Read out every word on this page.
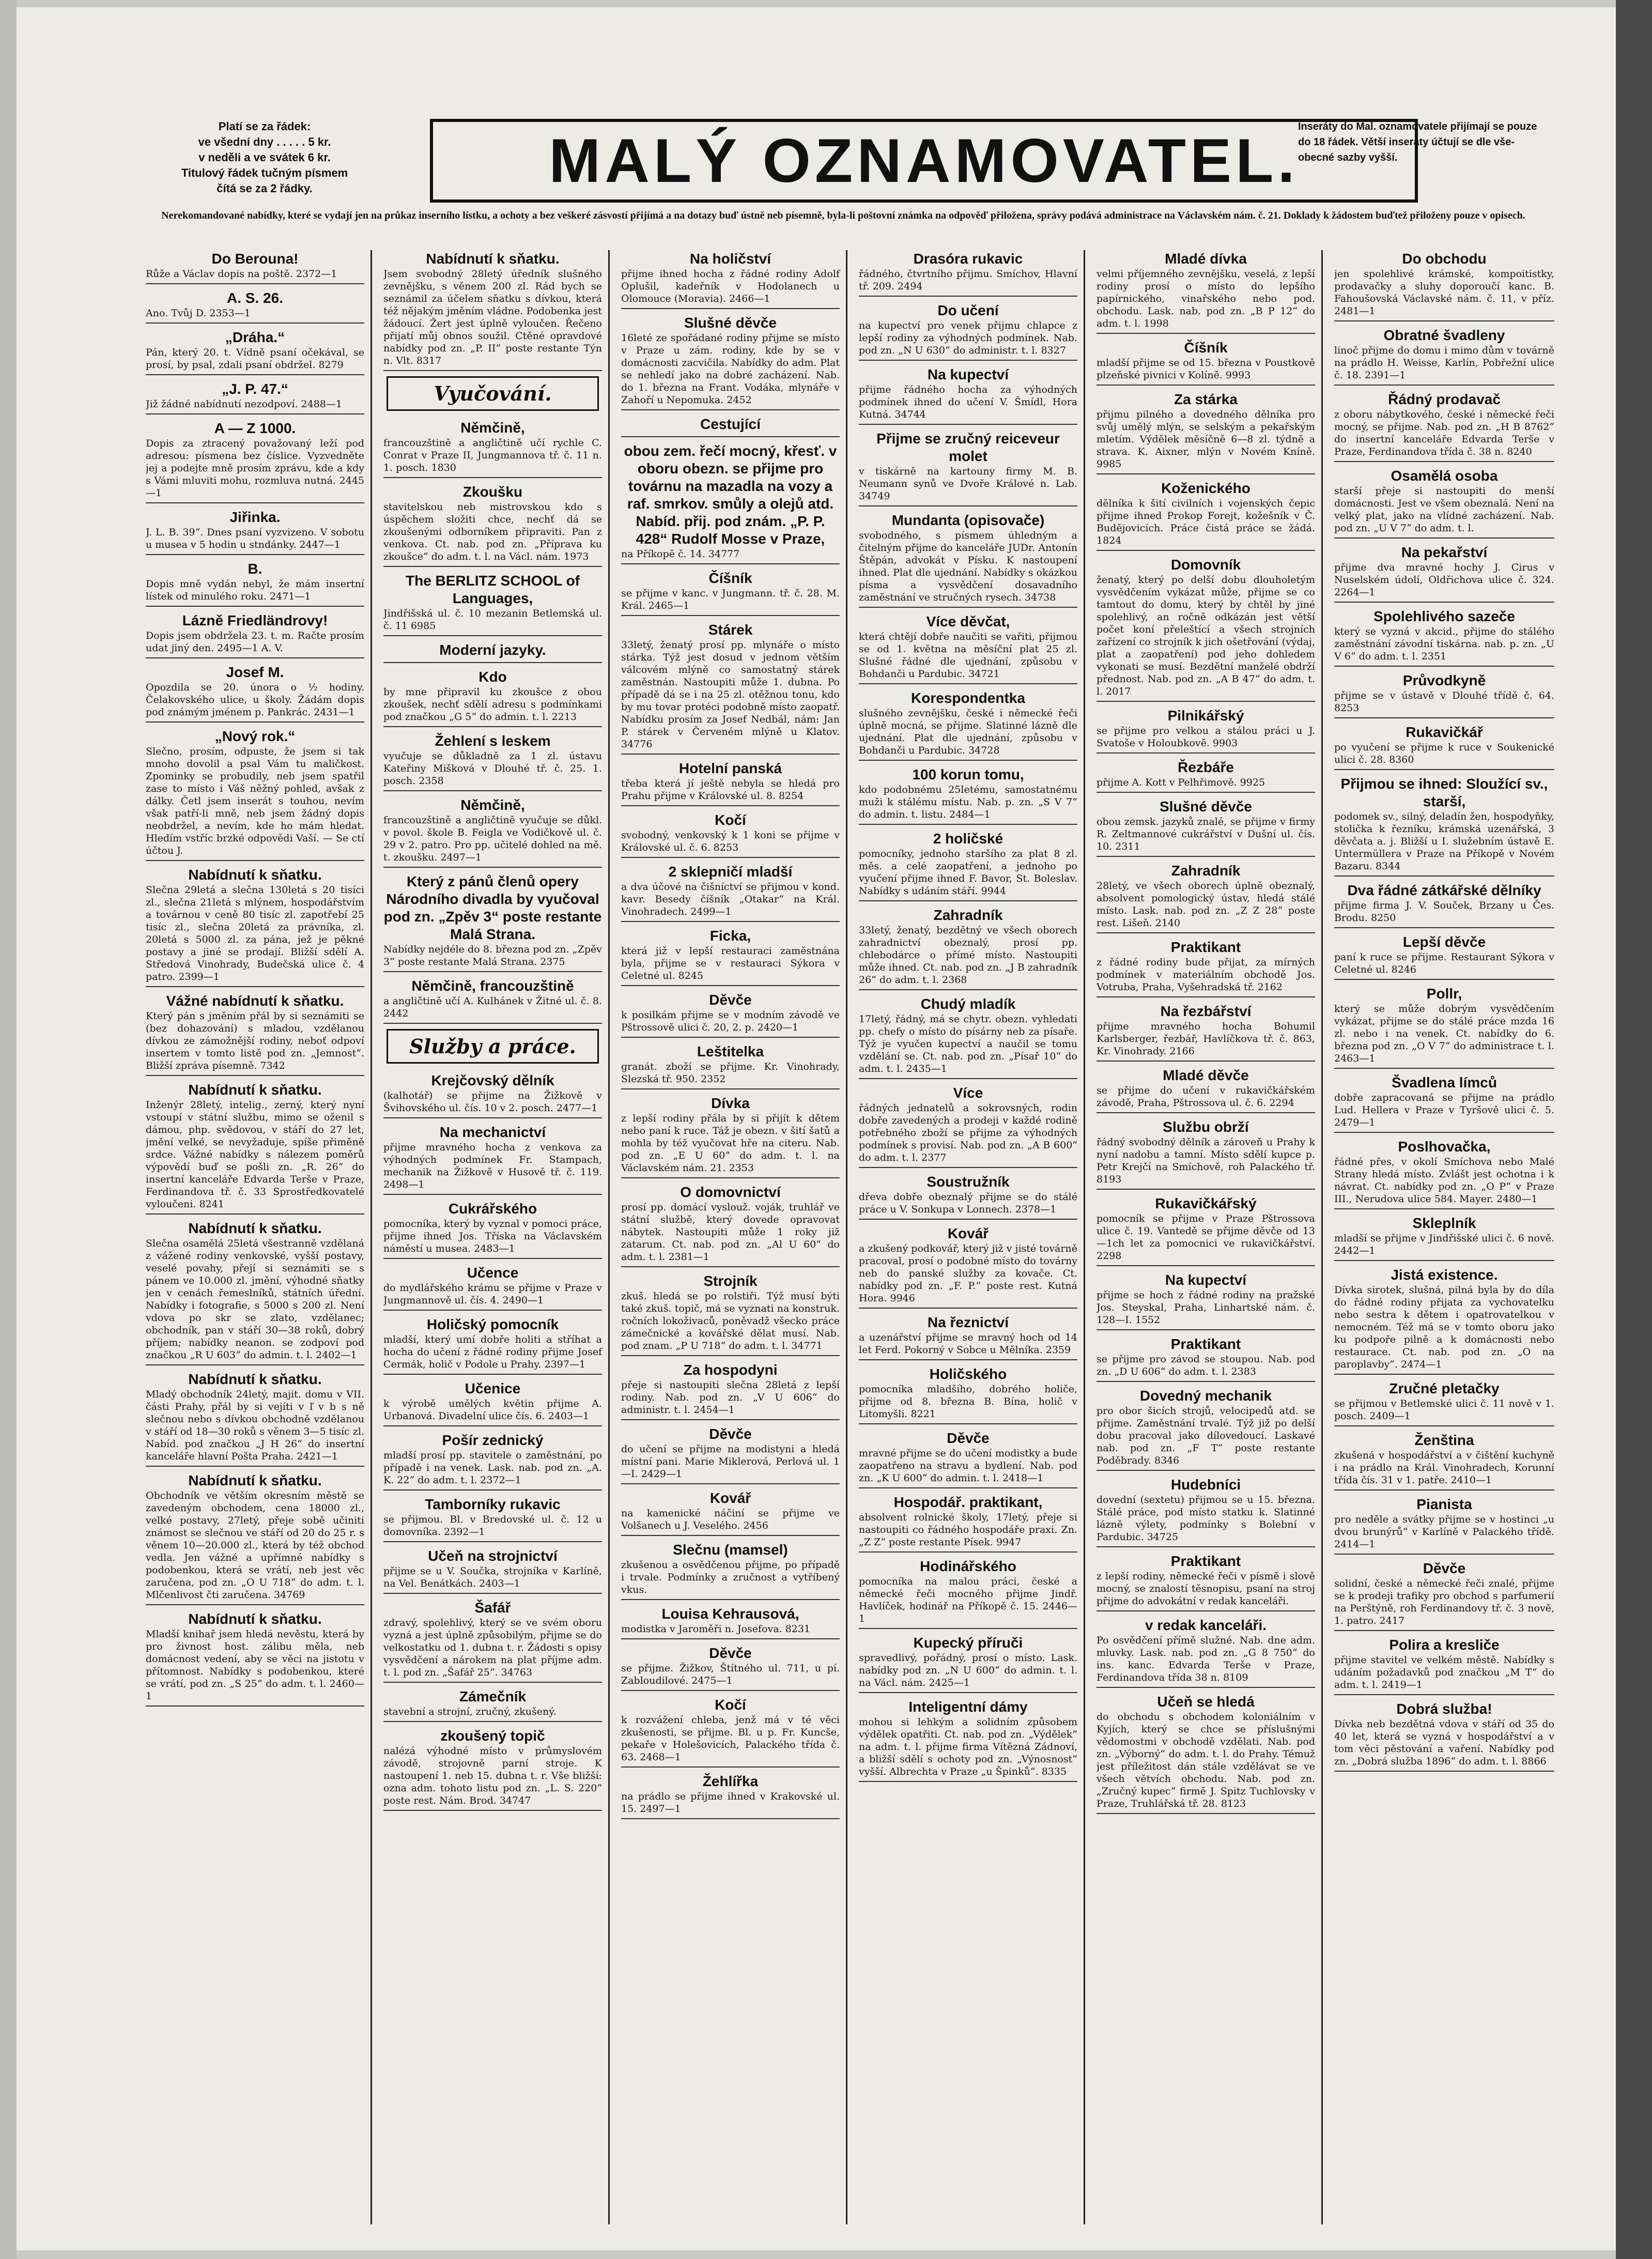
Platí se za řádek:
ve všední dny . . . . . 5 kr.
v neděli a ve svátek 6 kr.
Titulový řádek tučným písmem
čítá se za 2 řádky.	MALÝ OZNAMOVATEL.
Inseráty do Mal. oznamovatele přijímají se pouze do 18 řádek. Větší inseráty účtují se dle vše-obecné sazby vyšší.
Nerekomandované nabídky, které se vydají jen na průkaz inserního lístku, a ochoty a bez veškeré zásvostí přijímá a na dotazy buď ústně neb písemně, byla-li poštovní známka na odpověď přiložena, správy podává administrace na Václavském nám. č. 21. Doklady k žádostem buďtež přiloženy pouze v opisech.
Do Berouna!
Růže a Václav dopis na poště. 2372—1
A. S. 26.
Ano. Tvůj D. 2353—1
„Dráha.“
Pán, který 20. t. Vídně psaní očekával, se prosí, by psal, zdali psaní obdržel. 8279
„J. P. 47.“
Již žádné nabídnutí nezodpoví. 2488—1
A — Z 1000.
Dopis za ztracený považovaný leží pod adresou: písmena bez číslice. Vyzvedněte jej a podejte mně prosím zprávu, kde a kdy s Vámi mluviti mohu, rozmluva nutná. 2445—1
Jiřinka.
J. L. B. 39“. Dnes psaní vyzvizeno. V sobotu u musea v 5 hodin u stndánky. 2447—1
B.
Dopis mně vydán nebyl, že mám insertní lístek od minulého roku. 2471—1
Lázně Friedländrovy!
Dopis jsem obdržela 23. t. m. Račte prosím udat jiný den. 2495—1 A. V.
Josef M.
Opozdila se 20. února o ½ hodiny. Čelakovského ulice, u školy. Žádám dopis pod známým jménem p. Pankrác. 2431—1
„Nový rok.“
Slečno, prosím, odpuste, že jsem si tak mnoho dovolil a psal Vám tu maličkost. Zpominky se probudily, neb jsem spatřil zase to místo i Váš něžný pohled, avšak z dálky. Četl jsem inserát s touhou, nevím však patří-li mně, neb jsem žádný dopis neobdržel, a nevím, kde ho mám hledat. Hledím vstříc brzké odpovědi Vaší. — Se ctí účtou J.
Nabídnutí k sňatku.
Slečna 29letá a slečna 130letá s 20 tisíci zl., slečna 21letá s mlýnem, hospodářstvím a továrnou v ceně 80 tisíc zl. zapotřebí 25 tisíc zl., slečna 20letá za právníka, zl. 20letá s 5000 zl. za pána, jež je pěkné postavy a jiné se prodají. Bližší sdělí A. Středová Vinohrady, Budečská ulice č. 4 patro. 2399—1
Vážné nabídnutí k sňatku.
Který pán s jměním přál by si seznámiti se (bez dohazování) s mladou, vzdělanou dívkou ze zámožnější rodiny, neboť odpoví insertem v tomto listě pod zn. „Jemnost“. Bližší zpráva písemně. 7342
Nabídnutí k sňatku.
Inženýr 28letý, intelig., zerný, který nyní vstoupí v státní službu, mimo se oženil s dámou, php. svědovou, v stáří do 27 let, jmění velké, se nevyžaduje, spíše přiměně srdce. Vážné nabídky s nálezem poměrů výpovědí buď se pošli zn. „R. 26“ do insertní kanceláře Edvarda Terše v Praze, Ferdinandova tř. č. 33 Sprostředkovatelé vyloučeni. 8241
Nabídnutí k sňatku.
Slečna osamělá 25letá všestranně vzdělaná z vážené rodiny venkovské, vyšší postavy, veselé povahy, přejí si seznámiti se s pánem ve 10.000 zl. jmění, výhodné sňatky jen v cenách řemeslníků, státních úřední. Nabídky i fotografie, s 5000 s 200 zl. Není vdova po skr se zlato, vzdělanec; obchodník, pan v stáří 30—38 roků, dobrý příjem; nabídky neanon. se zodpoví pod značkou „R U 603“ do admin. t. l. 2402—1
Nabídnutí k sňatku.
Mladý obchodník 24letý, majit. domu v VII. části Prahy, přál by si vejíti v ľ v b s ně slečnou nebo s dívkou obchodně vzdělanou v stáří od 18—30 roků s věnem 3—5 tisíc zl. Nabíd. pod značkou „J H 26“ do insertní kanceláře hlavní Pošta Praha. 2421—1
Nabídnutí k sňatku.
Obchodník ve větším okresním městě se zavedeným obchodem, cena 18000 zl., velké postavy, 27letý, přeje sobě učiniti známost se slečnou ve stáří od 20 do 25 r. s věnem 10—20.000 zl., která by též obchod vedla. Jen vážné a upřímné nabídky s podobenkou, která se vrátí, neb jest věc zaručena, pod zn. „O U 718“ do adm. t. l. Mlčenlivost čti zaručena. 34769
Nabídnutí k sňatku.
Mladší knihař jsem hledá nevěstu, která by pro živnost host. zálibu měla, neb domácnost vedení, aby se věci na jistotu v přítomnost. Nabídky s podobenkou, které se vrátí, pod zn. „S 25“ do adm. t. l. 2460—1
Nabídnutí k sňatku.
Jsem svobodný 28letý úředník slušného zevnějšku, s věnem 200 zl. Rád bych se seznámil za účelem sňatku s dívkou, která též nějakým jměním vládne. Podobenka jest žádoucí. Žert jest úplně vyloučen. Řečeno přijatí můj obnos soužil. Ctěné opravdové nabídky pod zn. „P. II“ poste restante Týn n. Vlt. 8317
Vyučování.
Němčině,
francouzštině a angličtině učí rychle C. Conrat v Praze II, Jungmannova tř. č. 11 n. 1. posch. 1830
Zkoušku
stavitelskou neb mistrovskou kdo s úspěchem složiti chce, nechť dá se zkoušenými odborníkem připraviti. Pan z venkova. Ct. nab. pod zn. „Příprava ku zkoušce“ do adm. t. l. na Václ. nám. 1973
The BERLITZ SCHOOL of Languages,
Jindřišská ul. č. 10 mezanin Betlemská ul. č. 11 6985
Moderní jazyky.
Kdo
by mne připravil ku zkoušce z obou zkoušek, nechť sdělí adresu s podmínkami pod značkou „G 5“ do admin. t. l. 2213
Žehlení s leskem
vyučuje se důkladně za 1 zl. ústavu Kateřiny Mišková v Dlouhé tř. č. 25. 1. posch. 2358
Němčině,
francouzštině a angličtině vyučuje se důkl. v povol. škole B. Feigla ve Vodičkově ul. č. 29 v 2. patro. Pro pp. učitelé dohled na mě. t. zkoušku. 2497—1
Který z pánů členů opery Národního divadla by vyučoval pod zn. „Zpěv 3“ poste restante Malá Strana.
Nabídky nejdéle do 8. března pod zn. „Zpěv 3“ poste restante Malá Strana. 2375
Němčině, francouzštině
a angličtině učí A. Kulhánek v Žitné ul. č. 8. 2442
Služby a práce.
Krejčovský dělník
(kalhotář) se přijme na Žižkově v Švihovského ul. čís. 10 v 2. posch. 2477—1
Na mechanictví
přijme mravného hocha z venkova za výhodných podmínek Fr. Stampach, mechanik na Žižkově v Husově tř. č. 119. 2498—1
Cukrářského
pomocníka, který by vyznal v pomoci práce, přijme ihned Jos. Tříska na Václavském náměstí u musea. 2483—1
Učence
do mydlářského krámu se přijme v Praze v Jungmannově ul. čís. 4. 2490—1
Holičský pomocník
mladší, který umí dobře holiti a stříhat a hocha do učení z řádné rodiny přijme Josef Cermák, holič v Podole u Prahy. 2397—1
Učenice
k výrobě umělých květin přijme A. Urbanová. Divadelní ulice čís. 6. 2403—1
Pošír zednický
mladší prosí pp. stavitele o zaměstnání, po případě i na venek. Lask. nab. pod zn. „A. K. 22“ do adm. t. l. 2372—1
Tamborníky rukavic
se přijmou. Bl. v Bredovské ul. č. 12 u domovníka. 2392—1
Učeň na strojnictví
přijme se u V. Součka, strojníka v Karlíně, na Vel. Benátkách. 2403—1
Šafář
zdravý, spolehlivý, který se ve svém oboru vyzná a jest úplně způsobilým, přijme se do velkostatku od 1. dubna t. r. Žádosti s opisy vysvědčení a nárokem na plat příjme adm. t. l. pod zn. „Šafář 25“. 34763
Zámečník
stavební a strojní, zručný, zkušený.
zkoušený topič
nalézá výhodné místo v průmyslovém závodě, strojovně parní stroje. K nastoupení 1. neb 15. dubna t. r. Vše bližší: ozna adm. tohoto listu pod zn. „L. S. 220“ poste rest. Nám. Brod. 34747
Na holičství
přijme ihned hocha z řádné rodiny Adolf Oplušil, kadeřník v Hodolanech u Olomouce (Moravia). 2466—1
Slušné děvče
16leté ze spořádané rodiny přijme se místo v Praze u zám. rodiny, kde by se v domácnosti zacvičila. Nabídky do adm. Plat se nehledí jako na dobré zacházení. Nab. do 1. března na Frant. Vodáka, mlynáře v Zahoří u Nepomuka. 2452
Cestující
obou zem. řečí mocný, křesť. v oboru obezn. se přijme pro továrnu na mazadla na vozy a raf. smrkov. smůly a olejů atd. Nabíd. přij. pod znám. „P. P. 428“ Rudolf Mosse v Praze,
na Příkopě č. 14. 34777
Číšník
se přijme v kanc. v Jungmann. tř. č. 28. M. Král. 2465—1
Stárek
33letý, ženatý prosí pp. mlynáře o místo stárka. Týž jest dosud v jednom větším válcovém mlýně co samostatný stárek zaměstnán. Nastoupiti může 1. dubna. Po případě dá se i na 25 zl. otěžnou tonu, kdo by mu tovar protéci podobně místo zaopatř. Nabídku prosím za Josef Nedbál, nám: Jan P. stárek v Červeném mlýně u Klatov. 34776
Hotelní panská
třeba která jí ještě nebyla se hledá pro Prahu přijme v Královské ul. 8. 8254
Kočí
svobodný, venkovský k 1 koni se přijme v Královské ul. č. 6. 8253
2 sklepničí mladší
a dva účové na čišníctví se přijmou v kond. kavr. Besedy číšník „Otakar“ na Král. Vinohradech. 2499—1
Ficka,
která již v lepší restauraci zaměstnána byla, přijme se v restauraci Sýkora v Celetné ul. 8245
Děvče
k posilkám přijme se v modním závodě ve Pštrossově ulici č. 20, 2. p. 2420—1
Leštitelka
granát. zboží se přijme. Kr. Vinohrady, Slezská tř. 950. 2352
Dívka
z lepší rodiny přála by si přijít k dětem nebo paní k ruce. Táž je obezn. v šití šatů a mohla by též vyučovat hře na citeru. Nab. pod zn. „E U 60“ do adm. t. l. na Václavském nám. 21. 2353
O domovnictví
prosí pp. domácí vyslouž. voják, truhlář ve státní službě, který dovede opravovat nábytek. Nastoupiti může 1 roky již zatarum. Ct. nab. pod zn. „Al U 60“ do adm. t. l. 2381—1
Strojník
zkuš. hledá se po rolstiři. Týž musí býti také zkuš. topič, má se vyznati na konstruk. ročních lokoživaců, poněvadž všecko práce zámečnické a kovářské dělat musí. Nab. pod znam. „P U 718“ do adm. t. l. 34771
Za hospodyni
přeje si nastoupiti slečna 28letá z lepší rodiny. Nab. pod zn. „V U 606“ do administr. t. l. 2454—1
Děvče
do učení se přijme na modistyni a hledá místní pani. Marie Miklerová, Perlová ul. 1—I. 2429—1
Kovář
na kamenické náčiní se přijme ve Volšanech u J. Veselého. 2456
Slečnu (mamsel)
zkušenou a osvědčenou přijme, po případě i trvale. Podmínky a zručnost a vytříbený vkus.
Louisa Kehrausová,
modistka v Jaroměři n. Josefova. 8231
Děvče
se přijme. Žižkov, Štítného ul. 711, u pí. Zabloudilové. 2475—1
Kočí
k rozvážení chleba, jenž má v té věci zkušenosti, se přijme. Bl. u p. Fr. Kuncše, pekaře v Holešovicích, Palackého třída č. 63. 2468—1
Žehlířka
na prádlo se přijme ihned v Krakovské ul. 15. 2497—1
Drasóra rukavic
řádného, čtvrtního přijmu. Smíchov, Hlavní tř. 209. 2494
Do učení
na kupectví pro venek přijmu chlapce z lepší rodiny za výhodných podmínek. Nab. pod zn. „N U 630“ do administr. t. l. 8327
Na kupectví
přijme řádného hocha za výhodných podmínek ihned do učení V. Šmídl, Hora Kutná. 34744
Přijme se zručný reiceveur molet
v tiskárně na kartouny firmy M. B. Neumann synů ve Dvoře Králové n. Lab. 34749
Mundanta (opisovače)
svobodného, s písmem úhledným a čitelným přijme do kanceláře JUDr. Antonín Štěpán, advokát v Písku. K nastoupení ihned. Plat dle ujednání. Nabídky s okázkou písma a vysvědčení dosavadního zaměstnání ve stručných rysech. 34738
Více děvčat,
která chtějí dobře naučiti se vařiti, přijmou se od 1. května na měsíční plat 25 zl. Slušné řádné dle ujednání, způsobu v Bohdanči u Pardubic. 34721
Korespondentka
slušného zevnějšku, české i německé řeči úplně mocná, se přijme. Slatinné lázně dle ujednání. Plat dle ujednání, způsobu v Bohdanči u Pardubic. 34728
100 korun tomu,
kdo podobnému 25letému, samostatnému muži k stálému místu. Nab. p. zn. „S V 7“ do admin. t. listu. 2484—1
2 holičské
pomocníky, jednoho staršího za plat 8 zl. měs. a celé zaopatření, a jednoho po vyučení přijme ihned F. Bavor, St. Boleslav. Nabídky s udáním stáří. 9944
Zahradník
33letý, ženatý, bezdětný ve všech oborech zahradnictví obeznalý, prosí pp. chlebodárce o přímé místo. Nastoupiti může ihned. Ct. nab. pod zn. „J B zahradník 26“ do adm. t. l. 2368
Chudý mladík
17letý, řádný, má se chytr. obezn. vyhledati pp. chefy o místo do písárny neb za písaře. Týž je vyučen kupectví a naučil se tomu vzdělání se. Ct. nab. pod zn. „Písař 10“ do adm. t. l. 2435—1
Více
řádných jednatelů a sokrovsných, rodin dobře zavedených a prodeji v každé rodině potřebného zboží se přijme za výhodných podmínek s provisí. Nab. pod zn. „A B 600“ do adm. t. l. 2377
Soustružník
dřeva dobře obeznalý přijme se do stálé práce u V. Sonkupa v Lonnech. 2378—1
Kovář
a zkušený podkovář, který již v jisté továrně pracoval, prosí o podobné místo do továrny neb do panské služby za kovače. Ct. nabídky pod zn. „F. P.“ poste rest. Kutná Hora. 9946
Na řeznictví
a uzenářství přijme se mravný hoch od 14 let Ferd. Pokorný v Sobce u Mělníka. 2359
Holičského
pomocníka mladšího, dobrého holiče, přijme od 8. března B. Bína, holič v Litomyšli. 8221
Děvče
mravné přijme se do učení modistky a bude zaopatřeno na stravu a bydlení. Nab. pod zn. „K U 600“ do admin. t. l. 2418—1
Hospodář. praktikant,
absolvent rolnické školy, 17letý, přeje si nastoupiti co řádného hospodáře praxi. Zn. „Z Z“ poste restante Písek. 9947
Hodinářského
pomocníka na malou práci, české a německé řeči mocného přijme Jindř. Havlíček, hodinář na Příkopě č. 15. 2446—1
Kupecký příruči
spravedlivý, pořádný, prosí o místo. Lask. nabídky pod zn. „N U 600“ do admin. t. l. na Václ. nám. 2425—1
Inteligentní dámy
mohou si lehkým a solidním způsobem výdělek opatřiti. Ct. nab. pod zn. „Výdělek“ na adm. t. l. přijme firma Vítězná Zádnoví, a bližší sdělí s ochoty pod zn. „Výnosnost“ vyšší. Albrechta v Praze „u Špinků“. 8335
Mladé dívka
velmi příjemného zevnějšku, veselá, z lepší rodiny prosí o místo do lepšího papírnického, vinařského nebo pod. obchodu. Lask. nab. pod zn. „B P 12“ do adm. t. l. 1998
Číšník
mladší přijme se od 15. března v Poustkově plzeňské pivnici v Kolíně. 9993
Za stárka
přijmu pilného a dovedného dělníka pro svůj umělý mlýn, se selským a pekařským mletím. Výdělek měsíčně 6—8 zl. týdně a strava. K. Aixner, mlýn v Novém Kníně. 9985
Koženického
dělníka k šití civilních i vojenských čepic přijme ihned Prokop Forejt, kožešník v Č. Budějovicích. Práce čistá práce se žádá. 1824
Domovník
ženatý, který po delší dobu dlouholetým vysvědčením vykázat může, přijme se co tamtout do domu, který by chtěl by jiné spolehlivý, an ročně odkázán jest větší počet koní přeleštící a všech strojních zařízení co strojník k jich ošetřování (výdaj, plat a zaopatření) pod jeho dohledem vykonati se musí. Bezdětní manželé obdrží přednost. Nab. pod zn. „A B 47“ do adm. t. l. 2017
Pilnikářský
se přijme pro velkou a stálou práci u J. Svatoše v Holoubkově. 9903
Řezbáře
přijme A. Kott v Pelhřimově. 9925
Slušné děvče
obou zemsk. jazyků znalé, se přijme v firmy R. Zeltmannové cukrářství v Dušní ul. čís. 10. 2311
Zahradník
28letý, ve všech oborech úplně obeznalý, absolvent pomologický ústav, hledá stálé místo. Lask. nab. pod zn. „Z Z 28“ poste rest. Lišeň. 2140
Praktikant
z řádné rodiny bude přijat, za mírných podmínek v materiálním obchodě Jos. Votruba, Praha, Vyšehradská tř. 2162
Na řezbářství
přijme mravného hocha Bohumil Karlsberger, řezbář, Havlíčkova tř. č. 863, Kr. Vinohrady. 2166
Mladé děvče
se přijme do učení v rukavičkářském závodě, Praha, Pštrossova ul. č. 6. 2294
Službu obrží
řádný svobodný dělník a zároveň u Prahy k nyní nadobu a tamní. Místo sdělí kupce p. Petr Krejčí na Smíchově, roh Palackého tř. 8193
Rukavičkářský
pomocník se přijme v Praze Pštrossova ulice č. 19. Vantedě se přijme děvče od 13—1ch let za pomocnici ve rukavičkářství. 2298
Na kupectví
přijme se hoch z řádné rodiny na pražské Jos. Steyskal, Praha, Linhartské nám. č. 128—I. 1552
Praktikant
se přijme pro závod se stoupou. Nab. pod zn. „D U 606“ do adm. t. l. 2383
Dovedný mechanik
pro obor šicích strojů, velocipedů atd. se přijme. Zaměstnání trvalé. Týž již po delší dobu pracoval jako dílovedoucí. Laskavé nab. pod zn. „F T“ poste restante Poděbrady. 8346
Hudebníci
dovední (sextetu) přijmou se u 15. března. Stálé práce, pod místo statku k. Slatinné lázně výlety, podmínky s Bolební v Pardubic. 34725
Praktikant
z lepší rodiny, německé řeči v písmě i slově mocný, se znalostí těsnopisu, psaní na stroj přijme do advokátní v redak kanceláři.
v redak kanceláři.
Po osvědčení přímě služné. Nab. dne adm. mluvky. Lask. nab. pod zn. „G 8 750“ do ins. kanc. Edvarda Terše v Praze, Ferdinandova třída 38 n. 8109
Učeň se hledá
do obchodu s obchodem koloniálním v Kyjích, který se chce se příslušnými vědomostmi v obchodě vzdělati. Nab. pod zn. „Výborný“ do adm. t. l. do Prahy. Témuž jest příležitost dán stále vzdělávat se ve všech větvích obchodu. Nab. pod zn. „Zručný kupec“ firmě J. Spitz Tuchlovsky v Praze, Truhlářská tř. 28. 8123
Do obchodu
jen spolehlivé krámské, kompoitistky, prodavačky a sluhy doporoučí kanc. B. Fahoušovská Václavské nám. č. 11, v příz. 2481—1
Obratné švadleny
linoč přijme do domu i mimo dům v továrně na prádlo H. Weisse, Karlín, Pobřežní ulice č. 18. 2391—1
Řádný prodavač
z oboru nábytkového, české i německé řeči mocný, se přijme. Nab. pod zn. „H B 8762“ do insertní kanceláře Edvarda Terše v Praze, Ferdinandova třída č. 38 n. 8240
Osamělá osoba
starší přeje si nastoupiti do menší domácnosti. Jest ve všem obeznalá. Není na velký plat, jako na vlídné zacházení. Nab. pod zn. „U V 7“ do adm. t. l.
Na pekařství
přijme dva mravné hochy J. Cirus v Nuselském údolí, Oldřichova ulice č. 324. 2264—1
Spolehlivého sazeče
který se vyzná v akcid., přijme do stálého zaměstnání závodní tiskárna. nab. p. zn. „U V 6“ do adm. t. l. 2351
Průvodkyně
přijme se v ústavě v Dlouhé třídě č. 64. 8253
Rukavičkář
po vyučení se přijme k ruce v Soukenické ulici č. 28. 8360
Přijmou se ihned: Sloužící sv., starší,
podomek sv., silný, deladín žen, hospodyňky, stolička k řezníku, krámská uzenářská, 3 děvčata a. j. Bližší u I. služebním ústavě E. Untermüllera v Praze na Příkopě v Novém Bazaru. 8344
Dva řádné zátkářské dělníky
přijme firma J. V. Souček, Brzany u Čes. Brodu. 8250
Lepší děvče
paní k ruce se přijme. Restaurant Sýkora v Celetné ul. 8246
Pollr,
který se může dobrým vysvědčením vykázat, přijme se do stálé práce mzda 16 zl. nebo i na venek. Ct. nabídky do 6. března pod zn. „O V 7“ do administrace t. l. 2463—1
Švadlena límců
dobře zapracovaná se přijme na prádlo Lud. Hellera v Praze v Tyršově ulici č. 5. 2479—1
Poslhovačka,
řádné přes, v okolí Smíchova nebo Malé Strany hledá místo. Zvlášt jest ochotna i k návrat. Ct. nabídky pod zn. „O P“ v Praze III., Nerudova ulice 584. Mayer. 2480—1
Skleplník
mladší se přijme v Jindřišské ulici č. 6 nově. 2442—1
Jistá existence.
Dívka sirotek, slušná, pilná byla by do díla do řádné rodiny přijata za vychovatelku nebo sestra k dětem i opatrovatelkou v nemocném. Též má se v tomto oboru jako ku podpoře pilně a k domácnosti nebo restaurace. Ct. nab. pod zn. „O na paroplavby“. 2474—1
Zručné pletačky
se přijmou v Betlemské ulici č. 11 nově v 1. posch. 2409—1
Ženština
zkušená v hospodářství a v čištění kuchyně i na prádlo na Král. Vinohradech, Korunní třída čís. 31 v 1. patře. 2410—1
Pianista
pro neděle a svátky přijme se v hostinci „u dvou brunýrů“ v Karlíně v Palackého třídě. 2414—1
Děvče
solidní, české a německé řeči znalé, přijme se k prodeji trafiky pro obchod s parfumerií na Perštýně, roh Ferdinandovy tř. č. 3 nově, 1. patro. 2417
Polira a kresliče
přijme stavitel ve velkém městě. Nabídky s udáním požadavků pod značkou „M T“ do adm. t. l. 2419—1
Dobrá služba!
Dívka neb bezdětná vdova v stáří od 35 do 40 let, která se vyzná v hospodářství a v tom věci pěstování a vaření. Nabídky pod zn. „Dobrá služba 1896“ do adm. t. l. 8866
